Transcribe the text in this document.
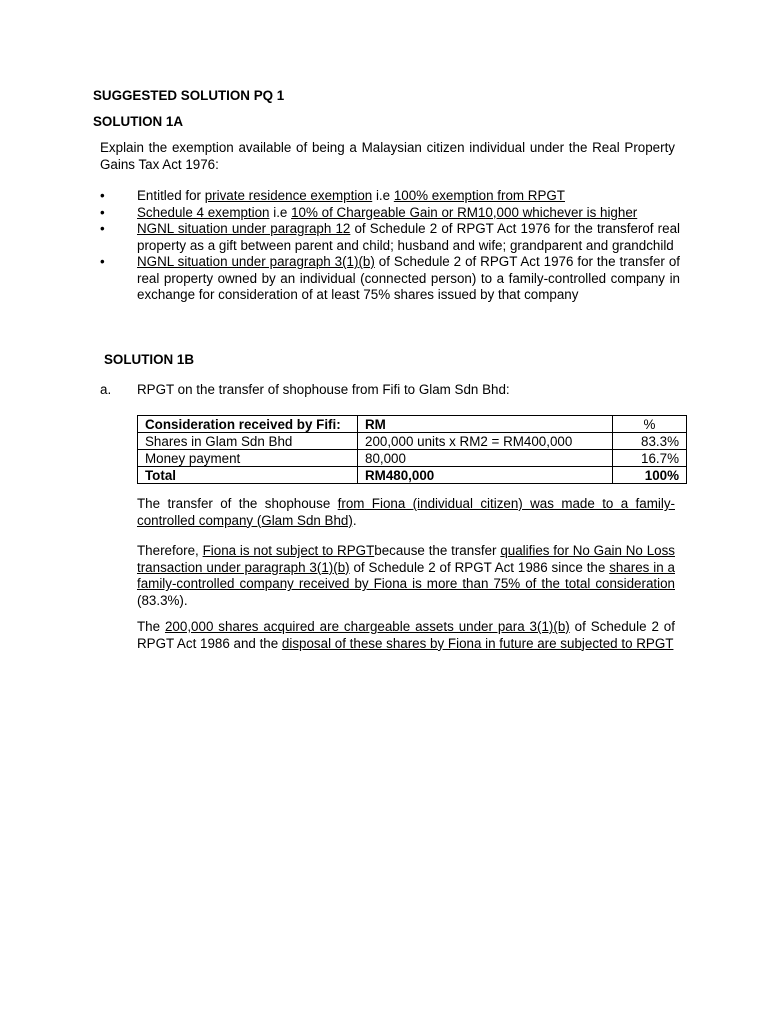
SUGGESTED SOLUTION PQ 1
SOLUTION 1A
Explain the exemption available of being a Malaysian citizen individual under the Real Property Gains Tax Act 1976:
• Entitled for private residence exemption i.e 100% exemption from RPGT
• Schedule 4 exemption i.e 10% of Chargeable Gain or RM10,000 whichever is higher
• NGNL situation under paragraph 12 of Schedule 2 of RPGT Act 1976 for the transferof real property as a gift between parent and child; husband and wife; grandparent and grandchild
• NGNL situation under paragraph 3(1)(b) of Schedule 2 of RPGT Act 1976 for the transfer of real property owned by an individual (connected person) to a family-controlled company in exchange for consideration of at least 75% shares issued by that company
SOLUTION 1B
a. RPGT on the transfer of shophouse from Fifi to Glam Sdn Bhd:
Consideration received by Fifi:	RM	%
Shares in Glam Sdn Bhd	200,000 units x RM2 = RM400,000	83.3%
Money payment	80,000	16.7%
Total	RM480,000	100%
The transfer of the shophouse from Fiona (individual citizen) was made to a family-controlled company (Glam Sdn Bhd).
Therefore, Fiona is not subject to RPGTbecause the transfer qualifies for No Gain No Loss transaction under paragraph 3(1)(b) of Schedule 2 of RPGT Act 1986 since the shares in a family-controlled company received by Fiona is more than 75% of the total consideration (83.3%).
The 200,000 shares acquired are chargeable assets under para 3(1)(b) of Schedule 2 of RPGT Act 1986 and the disposal of these shares by Fiona in future are subjected to RPGT
